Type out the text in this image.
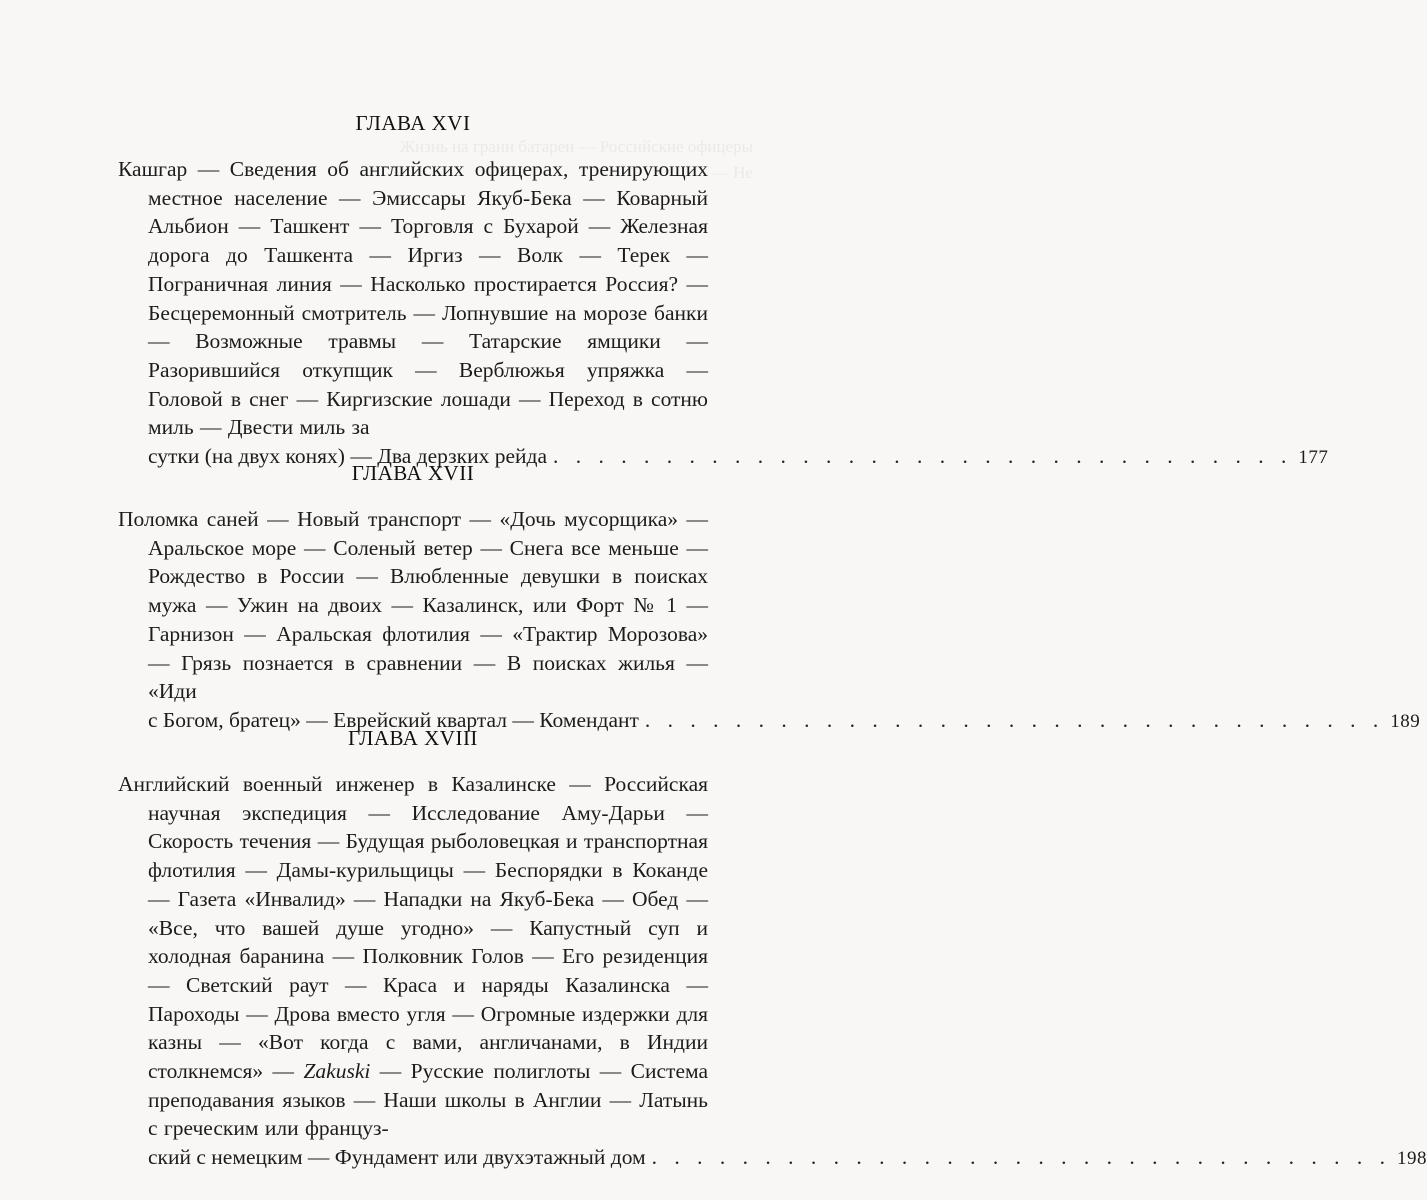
Жизнь на грани батареи — Российские офицеры — Не

ГЛАВА XVI

Кашгар — Сведения об английских офицерах, тренирующих местное население — Эмиссары Якуб-Бека — Коварный Альбион — Ташкент — Торговля с Бухарой — Железная дорога до Ташкента — Иргиз — Волк — Терек — Пограничная линия — Насколько простирается Россия? — Бесцеремонный смотритель — Лопнувшие на морозе банки — Возможные травмы — Татарские ямщики — Разорившийся откупщик — Верблюжья упряжка — Головой в снег — Киргизские лошади — Переход в сотню миль — Двести миль за

сутки (на двух конях) — Два дерзких рейда . . . . . . . . . . . . . . . . . . . . . . . . . . . . . . . . . 177
ГЛАВА XVII

Поломка саней — Новый транспорт — «Дочь мусорщика» — Аральское море — Соленый ветер — Снега все меньше — Рождество в России — Влюбленные девушки в поисках мужа — Ужин на двоих — Казалинск, или Форт № 1 — Гарнизон — Аральская флотилия — «Трактир Морозова» — Грязь познается в сравнении — В поисках жилья — «Иди

с Богом, братец» — Еврейский квартал — Комендант . . . . . . . . . . . . . . . . . . . . . . . . . . . . . . . . . 189
ГЛАВА XVIII

Английский военный инженер в Казалинске — Российская научная экспедиция — Исследование Аму-Дарьи — Скорость течения — Будущая рыболовецкая и транспортная флотилия — Дамы-курильщицы — Беспорядки в Коканде — Газета «Инвалид» — Нападки на Якуб-Бека — Обед — «Все, что вашей душе угодно» — Капустный суп и холодная баранина — Полковник Голов — Его резиденция — Светский раут — Краса и наряды Казалинска — Пароходы — Дрова вместо угля — Огромные издержки для казны — «Вот когда с вами, англичанами, в Индии столкнемся» — Zakuski — Русские полиглоты — Система преподавания языков — Наши школы в Англии — Латынь с греческим или француз-

ский с немецким — Фундамент или двухэтажный дом . . . . . . . . . . . . . . . . . . . . . . . . . . . . . . . . . 198
